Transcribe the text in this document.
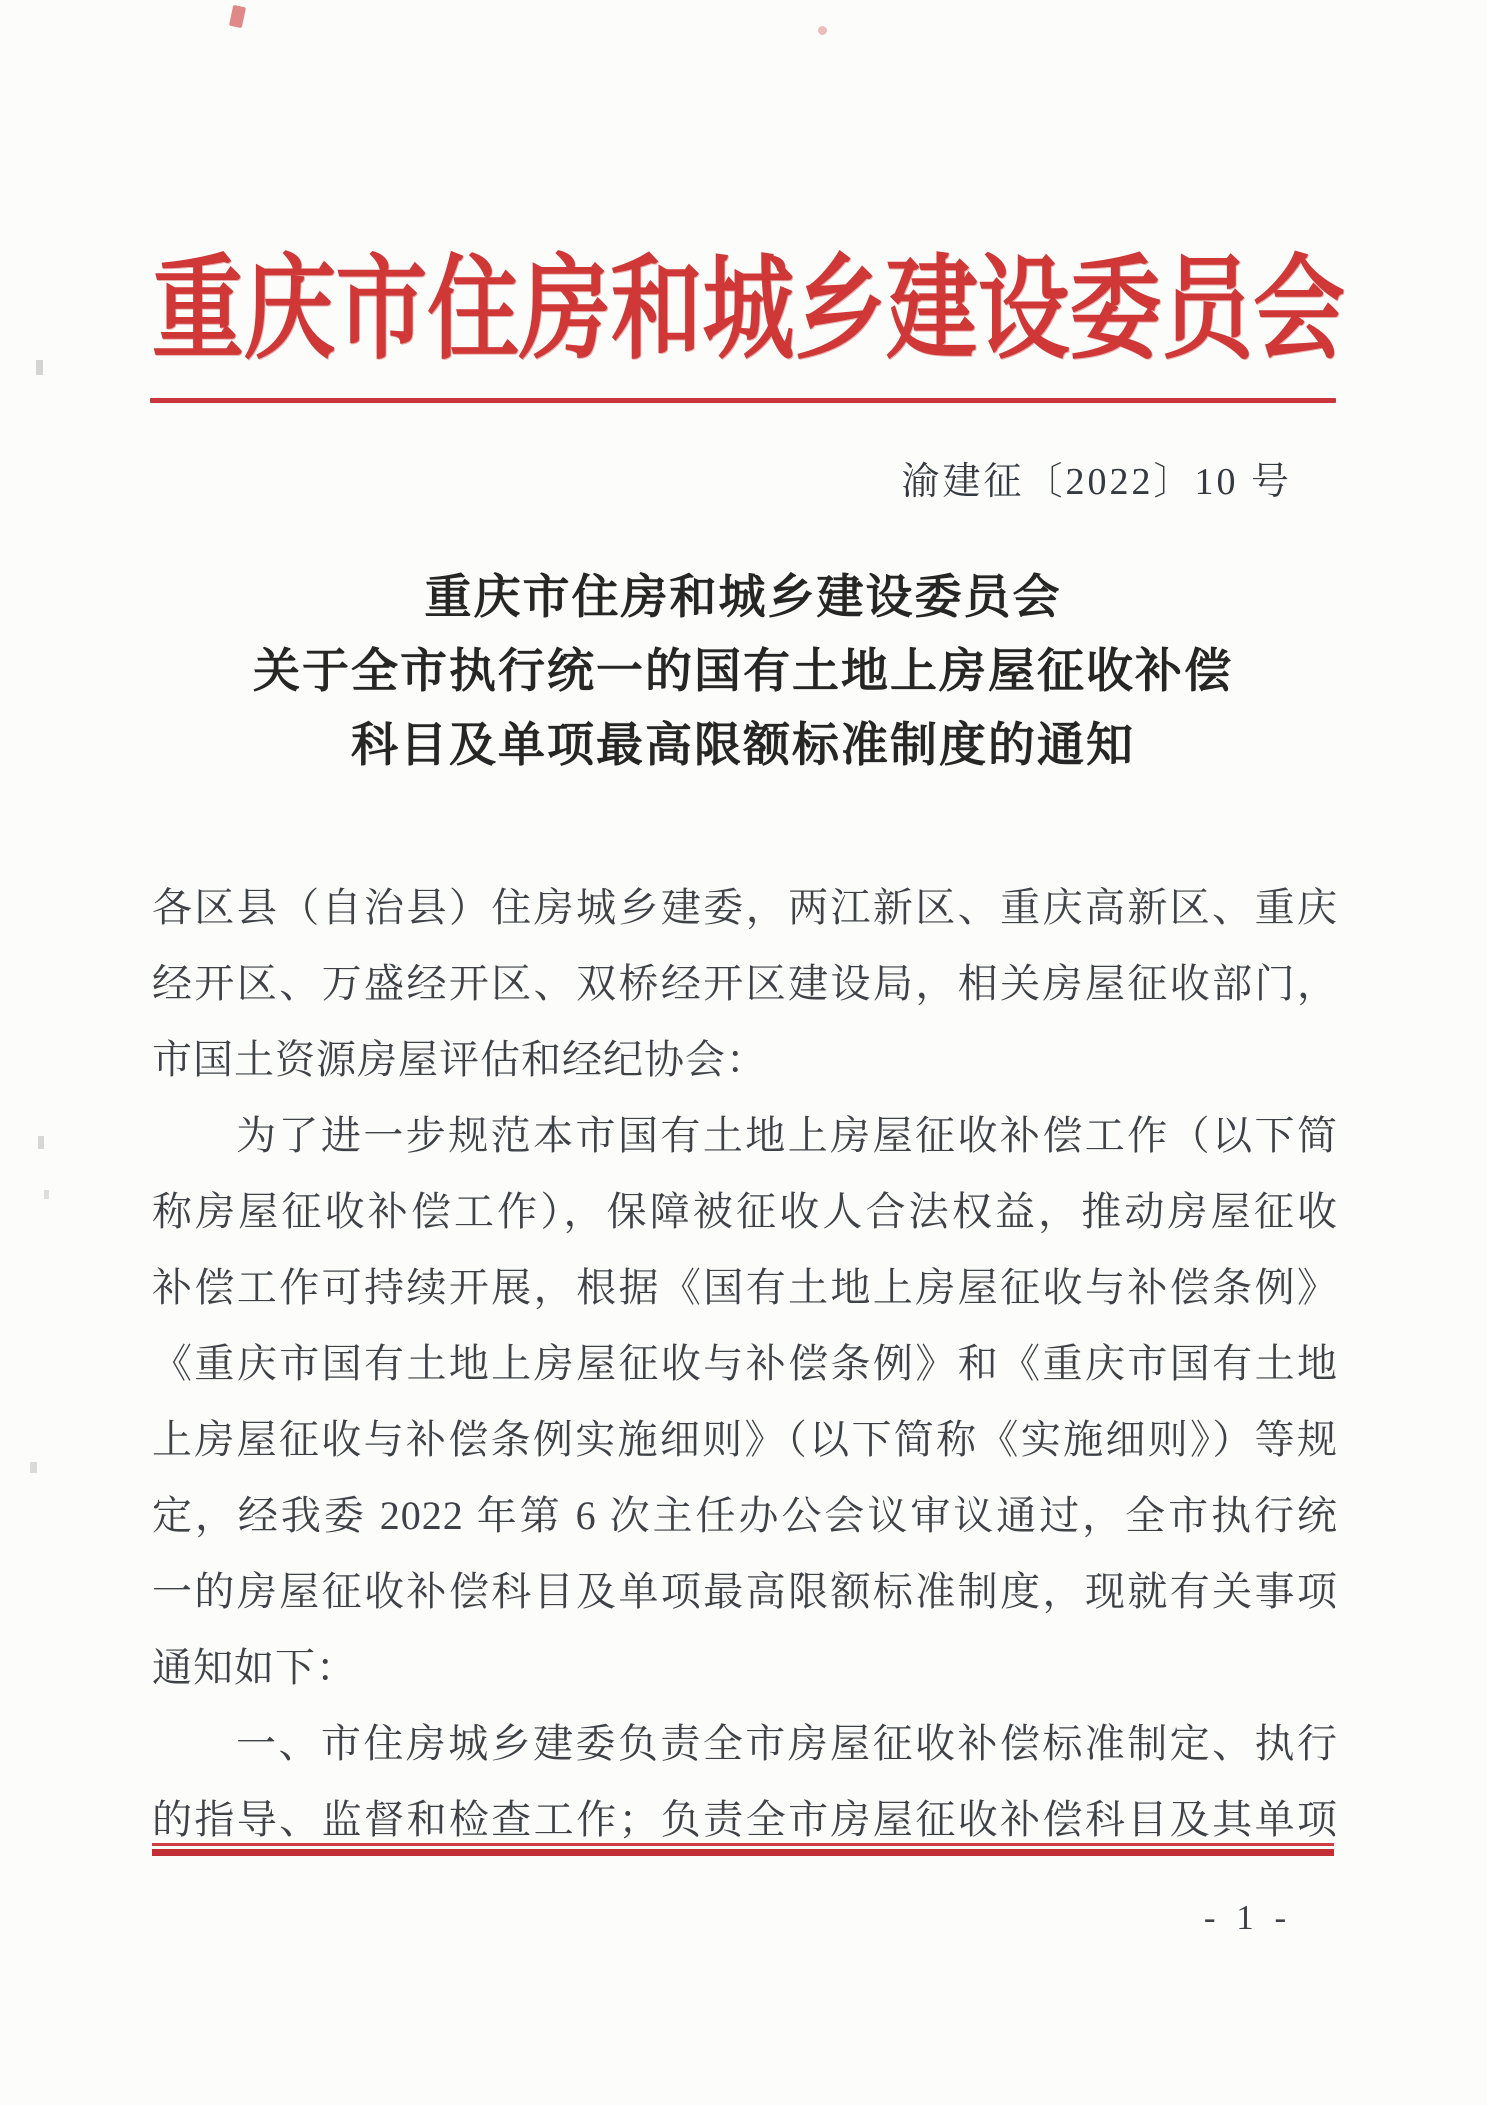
重庆市住房和城乡建设委员会
渝建征〔2022〕10 号
重庆市住房和城乡建设委员会
关于全市执行统一的国有土地上房屋征收补偿
科目及单项最高限额标准制度的通知
各区县（自治县）住房城乡建委，两江新区、重庆高新区、重庆
经开区、万盛经开区、双桥经开区建设局，相关房屋征收部门，
市国土资源房屋评估和经纪协会：
为了进一步规范本市国有土地上房屋征收补偿工作（以下简
称房屋征收补偿工作），保障被征收人合法权益，推动房屋征收
补偿工作可持续开展，根据《国有土地上房屋征收与补偿条例》
《重庆市国有土地上房屋征收与补偿条例》和《重庆市国有土地
上房屋征收与补偿条例实施细则》（以下简称《实施细则》）等规
定，经我委 2022 年第 6 次主任办公会议审议通过，全市执行统
一的房屋征收补偿科目及单项最高限额标准制度，现就有关事项
通知如下：
一、市住房城乡建委负责全市房屋征收补偿标准制定、执行
的指导、监督和检查工作；负责全市房屋征收补偿科目及其单项
- 1 -
